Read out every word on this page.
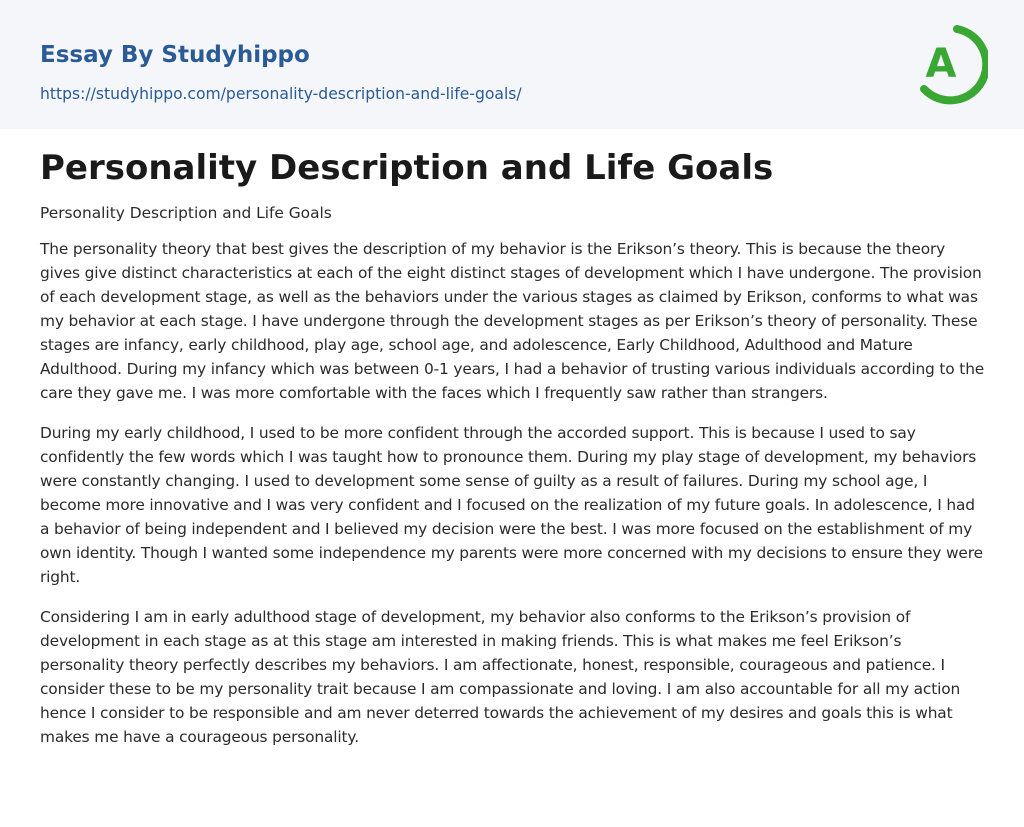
Essay By Studyhippo
https://studyhippo.com/personality-description-and-life-goals/
A
Personality Description and Life Goals
Personality Description and Life Goals

The personality theory that best gives the description of my behavior is the Erikson’s theory. This is because the theory gives give distinct characteristics at each of the eight distinct stages of development which I have undergone. The provision of each development stage, as well as the behaviors under the various stages as claimed by Erikson, conforms to what was my behavior at each stage. I have undergone through the development stages as per Erikson’s theory of personality. These stages are infancy, early childhood, play age, school age, and adolescence, Early Childhood, Adulthood and Mature Adulthood. During my infancy which was between 0-1 years, I had a behavior of trusting various individuals according to the care they gave me. I was more comfortable with the faces which I frequently saw rather than strangers.

During my early childhood, I used to be more confident through the accorded support. This is because I used to say confidently the few words which I was taught how to pronounce them. During my play stage of development, my behaviors were constantly changing. I used to development some sense of guilty as a result of failures. During my school age, I become more innovative and I was very confident and I focused on the realization of my future goals. In adolescence, I had a behavior of being independent and I believed my decision were the best. I was more focused on the establishment of my own identity. Though I wanted some independence my parents were more concerned with my decisions to ensure they were right.

Considering I am in early adulthood stage of development, my behavior also conforms to the Erikson’s provision of development in each stage as at this stage am interested in making friends. This is what makes me feel Erikson’s personality theory perfectly describes my behaviors. I am affectionate, honest, responsible, courageous and patience. I consider these to be my personality trait because I am compassionate and loving. I am also accountable for all my action hence I consider to be responsible and am never deterred towards the achievement of my desires and goals this is what makes me have a courageous personality.
